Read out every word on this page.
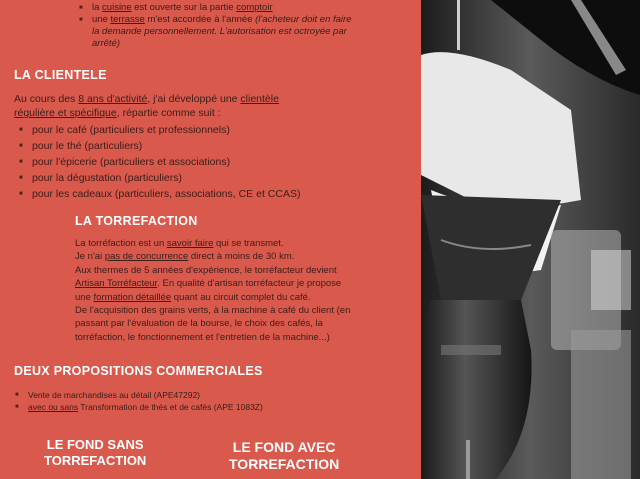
■ la cuisine est ouverte sur la partie comptoir
■ une terrasse m'est accordée à l'année (l'acheteur doit en faire
la demande personnellement. L'autorisation est octroyée par
arrêté)
LA CLIENTELE

Au cours des 8 ans d'activité, j'ai développé une clientèle
régulière et spécifique, répartie comme suit :

■ pour le café (particuliers et professionnels)
■ pour le thé (particuliers)
■ pour l'épicerie (particuliers et associations)
■ pour la dégustation (particuliers)
■ pour les cadeaux (particuliers, associations, CE et CCAS)
LA TORREFACTION

La torréfaction est un savoir faire qui se transmet.
Je n'ai pas de concurrence direct à moins de 30 km.
Aux thermes de 5 années d'expérience, le torréfacteur devient
Artisan Torréfacteur. En qualité d'artisan torréfacteur je propose
une formation détaillée quant au circuit complet du café.
De l'acquisition des grains verts, à la machine à café du client (en
passant par l'évaluation de la bourse, le choix des cafés, la
torréfaction, le fonctionnement et l'entretien de la machine...)

DEUX PROPOSITIONS COMMERCIALES
■ Vente de marchandises au détail (APE47292)
■ avec ou sans Transformation de thés et de cafés (APE 1083Z)
LE FOND SANS
TORREFACTION
LE FOND AVEC
TORREFACTION
